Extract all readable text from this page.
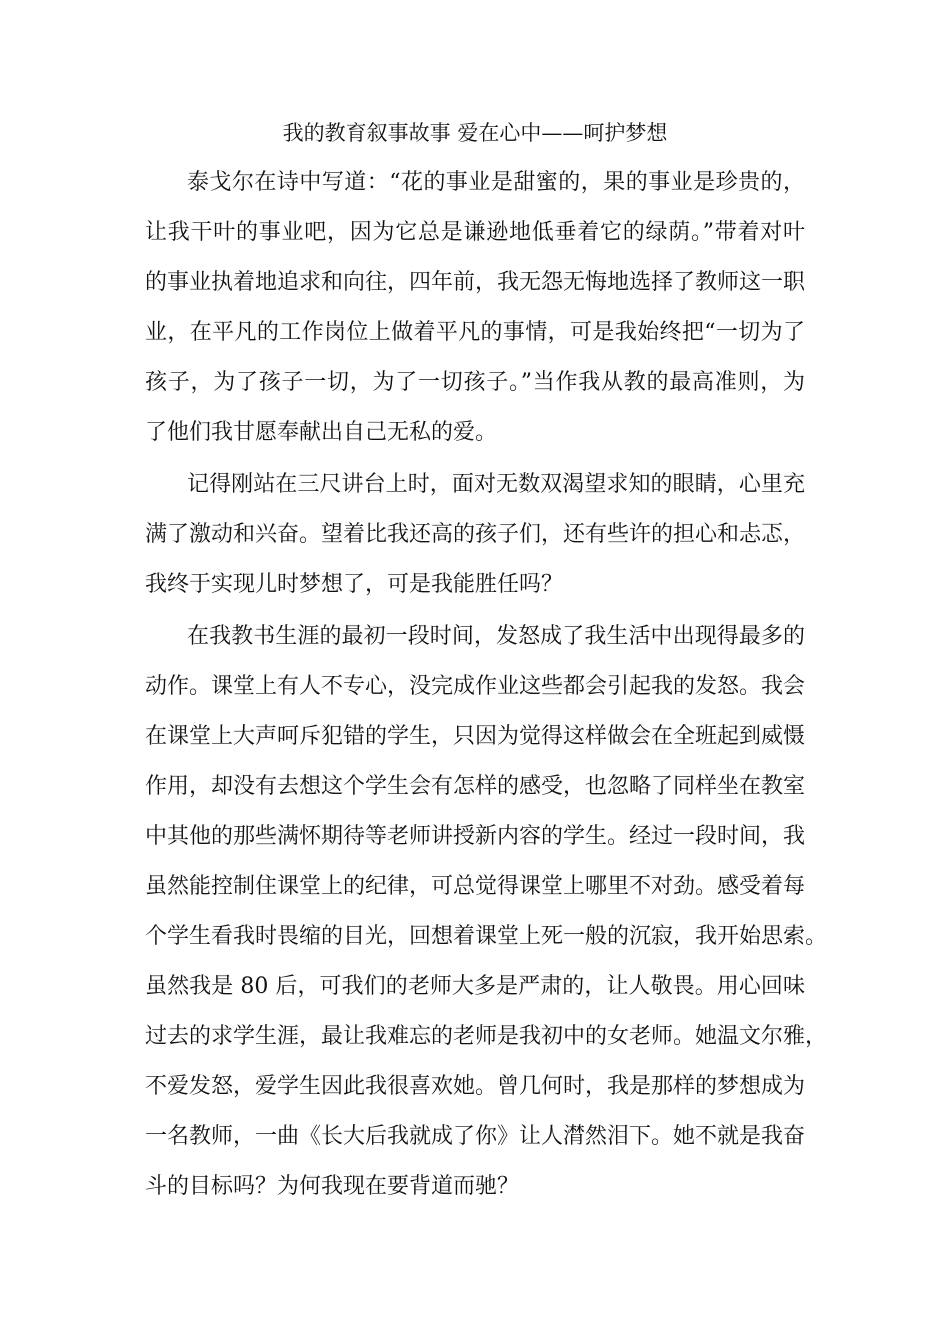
我的教育叙事故事 爱在心中——呵护梦想
泰戈尔在诗中写道：“花的事业是甜蜜的，果的事业是珍贵的，
让我干叶的事业吧，因为它总是谦逊地低垂着它的绿荫。”带着对叶
的事业执着地追求和向往，四年前，我无怨无悔地选择了教师这一职
业，在平凡的工作岗位上做着平凡的事情，可是我始终把“一切为了
孩子，为了孩子一切，为了一切孩子。”当作我从教的最高准则，为
了他们我甘愿奉献出自己无私的爱。
记得刚站在三尺讲台上时，面对无数双渴望求知的眼睛，心里充
满了激动和兴奋。望着比我还高的孩子们，还有些许的担心和忐忑，
我终于实现儿时梦想了，可是我能胜任吗？
在我教书生涯的最初一段时间，发怒成了我生活中出现得最多的
动作。课堂上有人不专心，没完成作业这些都会引起我的发怒。我会
在课堂上大声呵斥犯错的学生，只因为觉得这样做会在全班起到威慑
作用，却没有去想这个学生会有怎样的感受，也忽略了同样坐在教室
中其他的那些满怀期待等老师讲授新内容的学生。经过一段时间，我
虽然能控制住课堂上的纪律，可总觉得课堂上哪里不对劲。感受着每
个学生看我时畏缩的目光，回想着课堂上死一般的沉寂，我开始思索。
虽然我是 80 后，可我们的老师大多是严肃的，让人敬畏。用心回味
过去的求学生涯，最让我难忘的老师是我初中的女老师。她温文尔雅，
不爱发怒，爱学生因此我很喜欢她。曾几何时，我是那样的梦想成为
一名教师，一曲《长大后我就成了你》让人潸然泪下。她不就是我奋
斗的目标吗？为何我现在要背道而驰？
